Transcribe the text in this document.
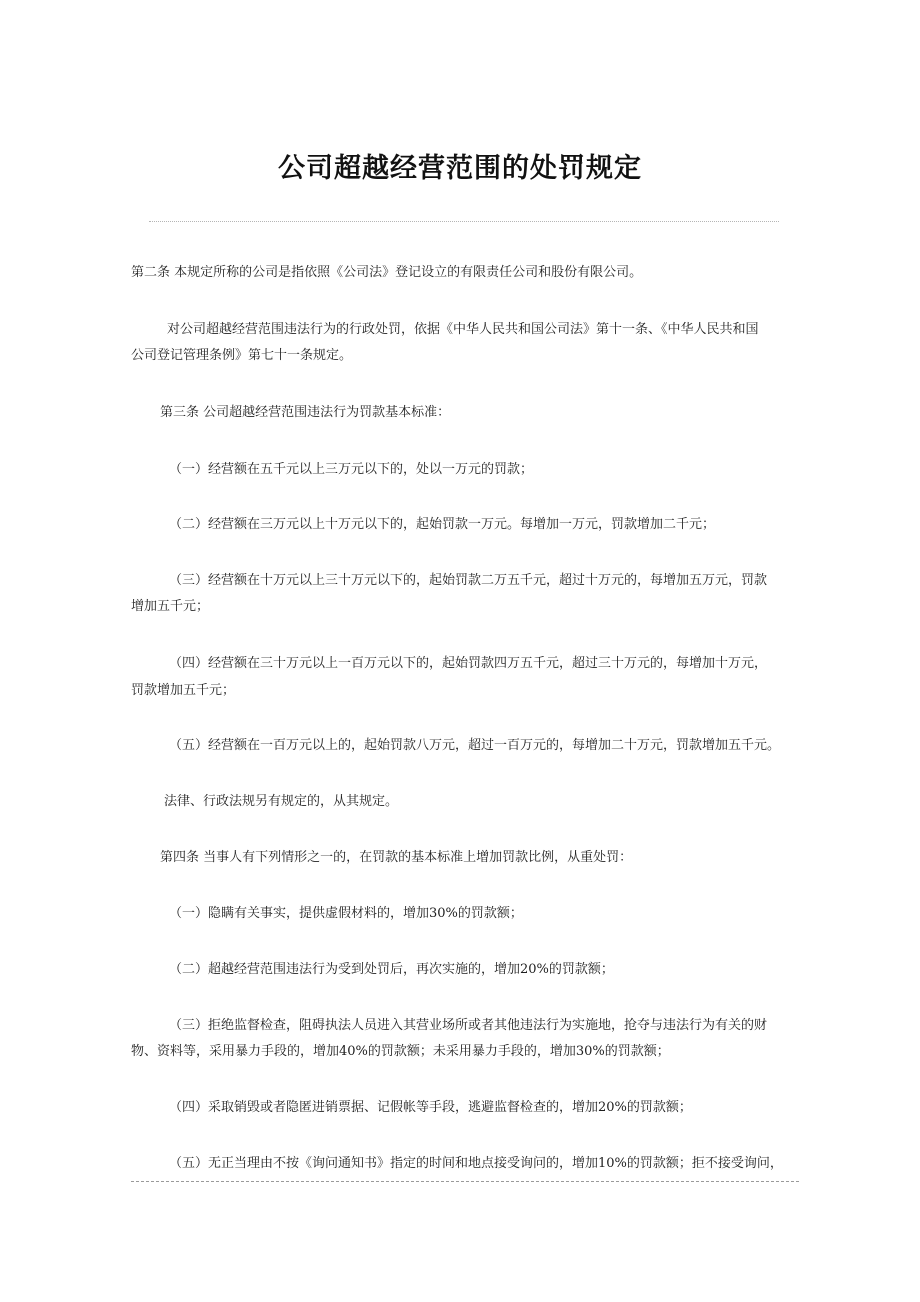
公司超越经营范围的处罚规定
第二条 本规定所称的公司是指依照《公司法》登记设立的有限责任公司和股份有限公司。
对公司超越经营范围违法行为的行政处罚，依据《中华人民共和国公司法》第十一条、《中华人民共和国
公司登记管理条例》第七十一条规定。
第三条 公司超越经营范围违法行为罚款基本标准：
（一）经营额在五千元以上三万元以下的，处以一万元的罚款；
（二）经营额在三万元以上十万元以下的，起始罚款一万元。每增加一万元，罚款增加二千元；
（三）经营额在十万元以上三十万元以下的，起始罚款二万五千元，超过十万元的，每增加五万元，罚款
增加五千元；
（四）经营额在三十万元以上一百万元以下的，起始罚款四万五千元，超过三十万元的，每增加十万元，
罚款增加五千元；
（五）经营额在一百万元以上的，起始罚款八万元，超过一百万元的，每增加二十万元，罚款增加五千元。
法律、行政法规另有规定的，从其规定。
第四条 当事人有下列情形之一的，在罚款的基本标准上增加罚款比例，从重处罚：
（一）隐瞒有关事实，提供虚假材料的，增加30%的罚款额；
（二）超越经营范围违法行为受到处罚后，再次实施的，增加20%的罚款额；
（三）拒绝监督检查，阻碍执法人员进入其营业场所或者其他违法行为实施地，抢夺与违法行为有关的财
物、资料等，采用暴力手段的，增加40%的罚款额；未采用暴力手段的，增加30%的罚款额；
（四）采取销毁或者隐匿进销票据、记假帐等手段，逃避监督检查的，增加20%的罚款额；
（五）无正当理由不按《询问通知书》指定的时间和地点接受询问的，增加10%的罚款额；拒不接受询问，
